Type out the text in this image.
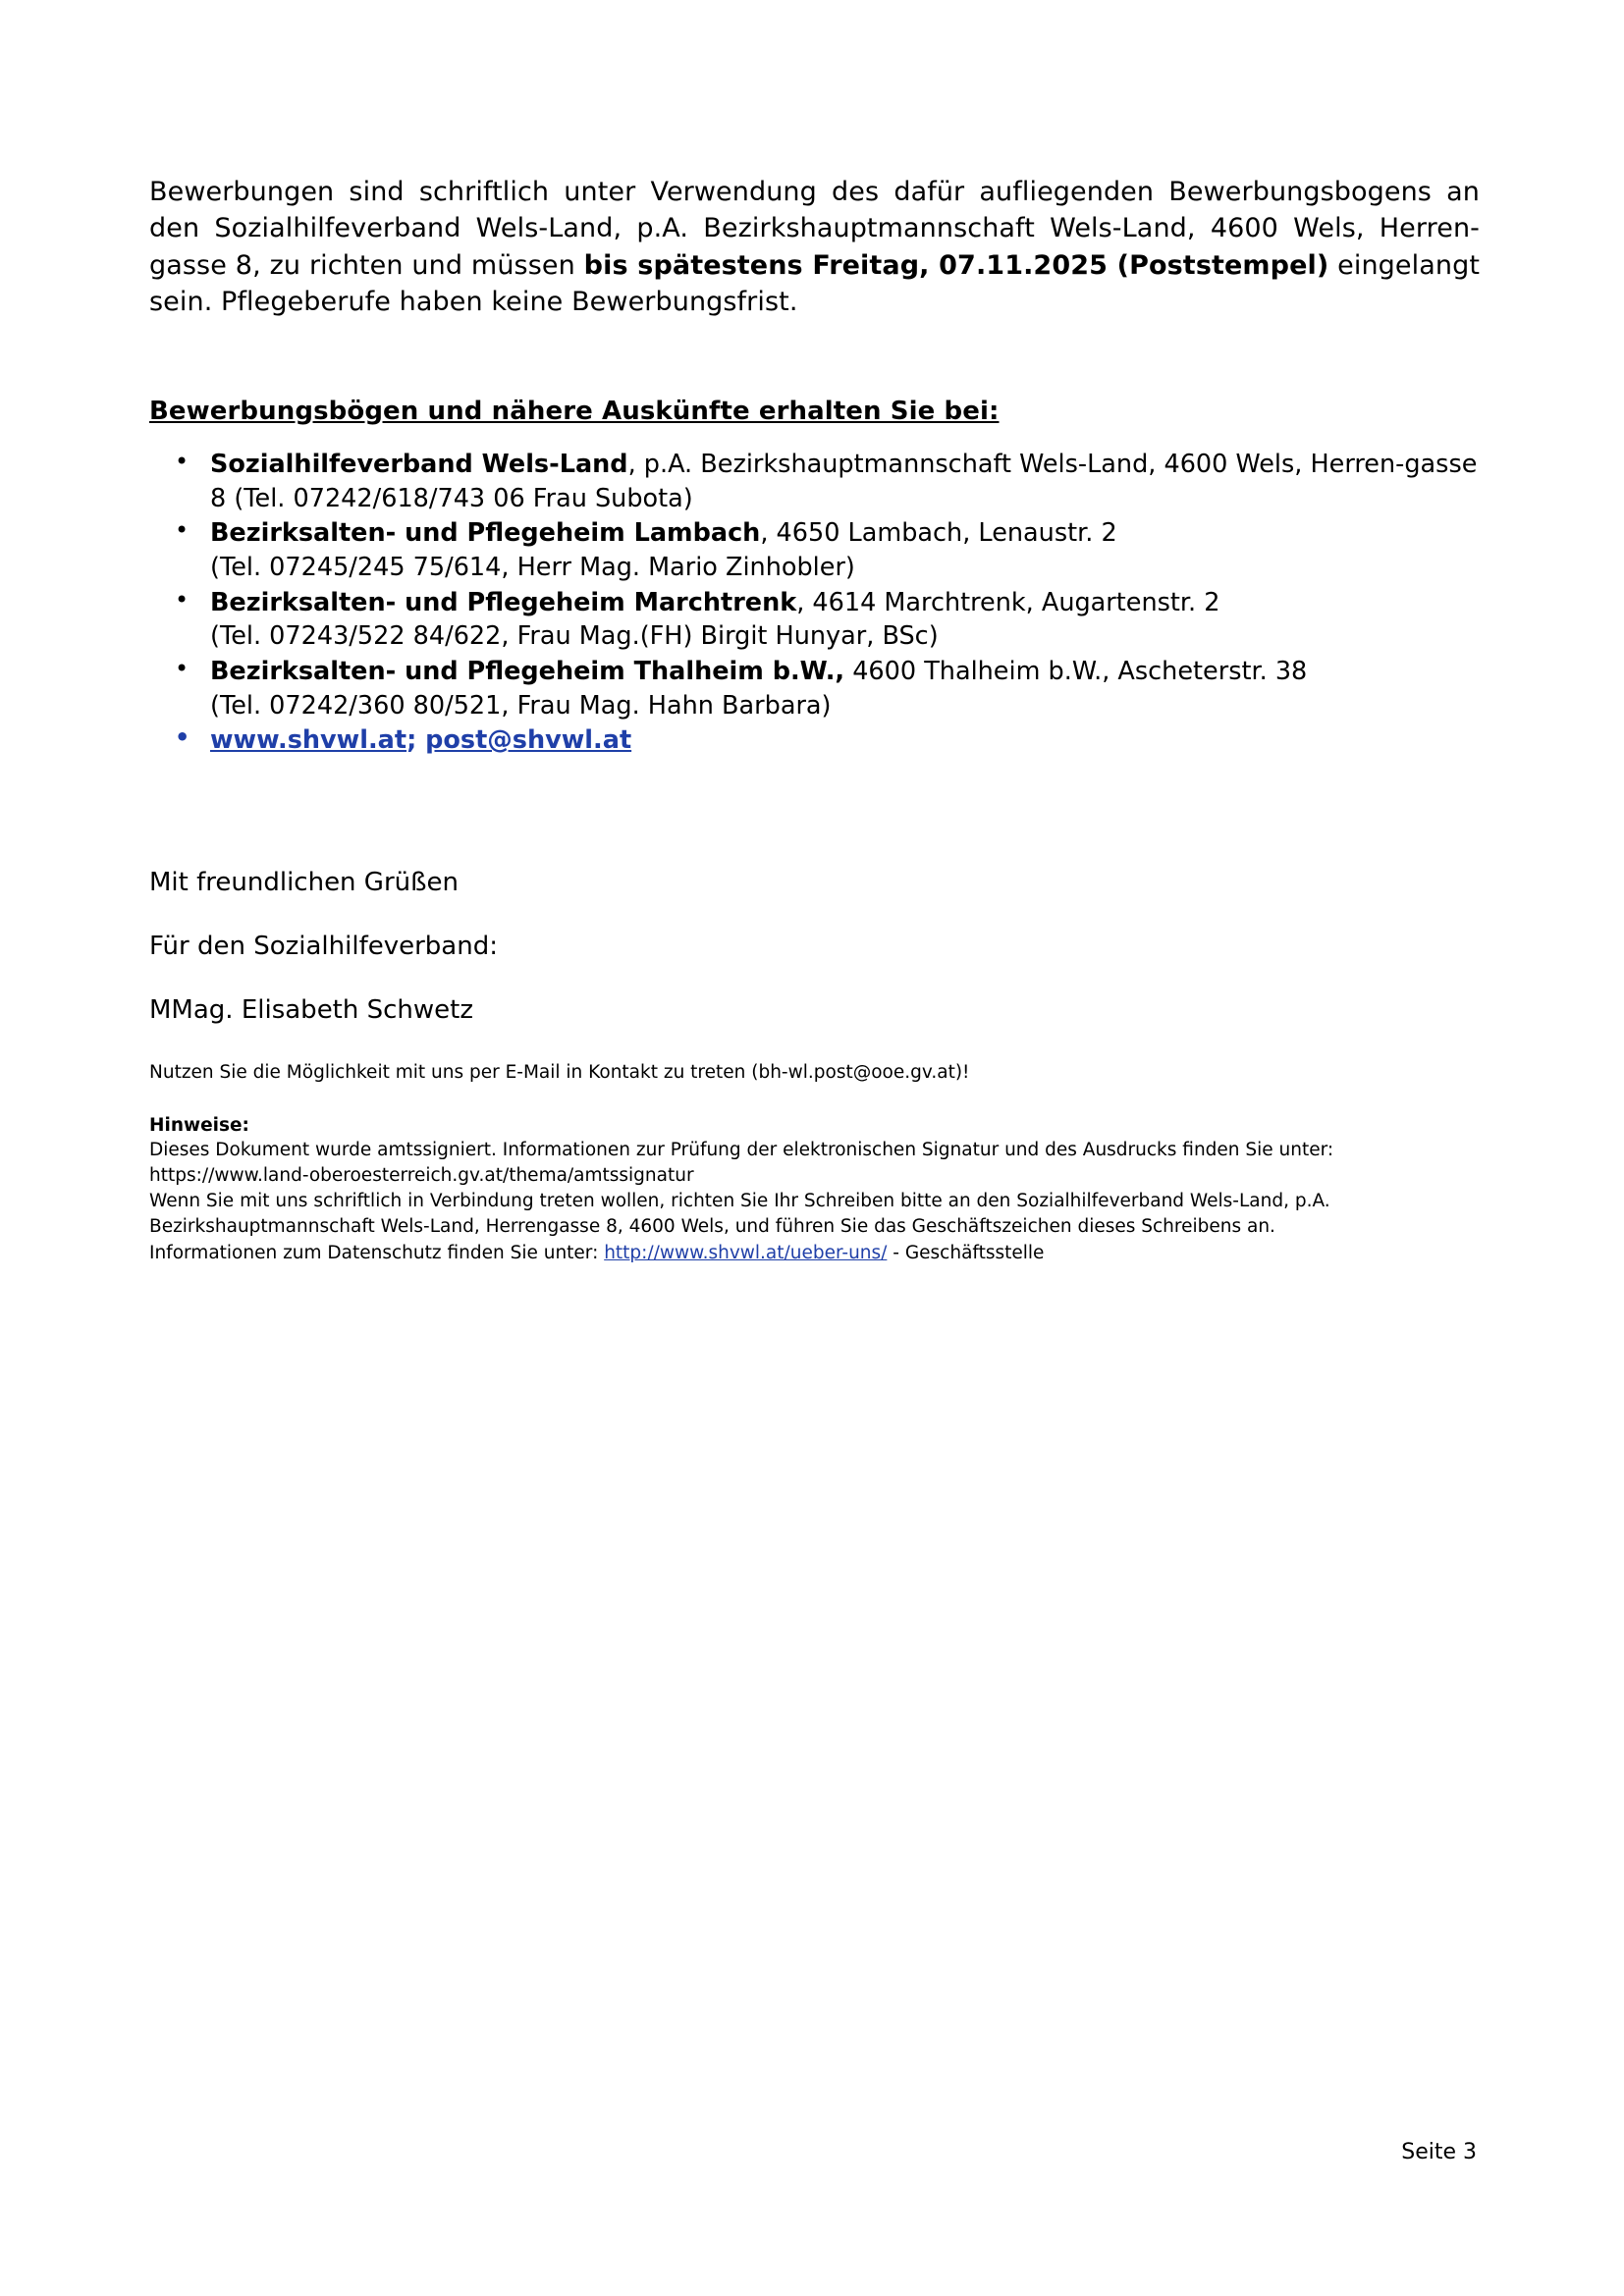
Bewerbungen sind schriftlich unter Verwendung des dafür aufliegenden Bewerbungsbogens an den Sozialhilfeverband Wels-Land, p.A. Bezirkshauptmannschaft Wels-Land, 4600 Wels, Herren-gasse 8, zu richten und müssen bis spätestens Freitag, 07.11.2025 (Poststempel) eingelangt sein. Pflegeberufe haben keine Bewerbungsfrist.

Bewerbungsbögen und nähere Auskünfte erhalten Sie bei:
• Sozialhilfeverband Wels-Land, p.A. Bezirkshauptmannschaft Wels-Land, 4600 Wels, Herren-gasse 8 (Tel. 07242/618/743 06 Frau Subota)
• Bezirksalten- und Pflegeheim Lambach, 4650 Lambach, Lenaustr. 2
(Tel. 07245/245 75/614, Herr Mag. Mario Zinhobler)
• Bezirksalten- und Pflegeheim Marchtrenk, 4614 Marchtrenk, Augartenstr. 2
(Tel. 07243/522 84/622, Frau Mag.(FH) Birgit Hunyar, BSc)
• Bezirksalten- und Pflegeheim Thalheim b.W., 4600 Thalheim b.W., Ascheterstr. 38
(Tel. 07242/360 80/521, Frau Mag. Hahn Barbara)
• www.shvwl.at; post@shvwl.at

Mit freundlichen Grüßen

Für den Sozialhilfeverband:

MMag. Elisabeth Schwetz

Nutzen Sie die Möglichkeit mit uns per E-Mail in Kontakt zu treten (bh-wl.post@ooe.gv.at)!
Hinweise:
Dieses Dokument wurde amtssigniert. Informationen zur Prüfung der elektronischen Signatur und des Ausdrucks finden Sie unter: https://www.land-oberoesterreich.gv.at/thema/amtssignatur
Wenn Sie mit uns schriftlich in Verbindung treten wollen, richten Sie Ihr Schreiben bitte an den Sozialhilfeverband Wels-Land, p.A. Bezirkshauptmannschaft Wels-Land, Herrengasse 8, 4600 Wels, und führen Sie das Geschäftszeichen dieses Schreibens an.
Informationen zum Datenschutz finden Sie unter: http://www.shvwl.at/ueber-uns/ - Geschäftsstelle
Seite 3
